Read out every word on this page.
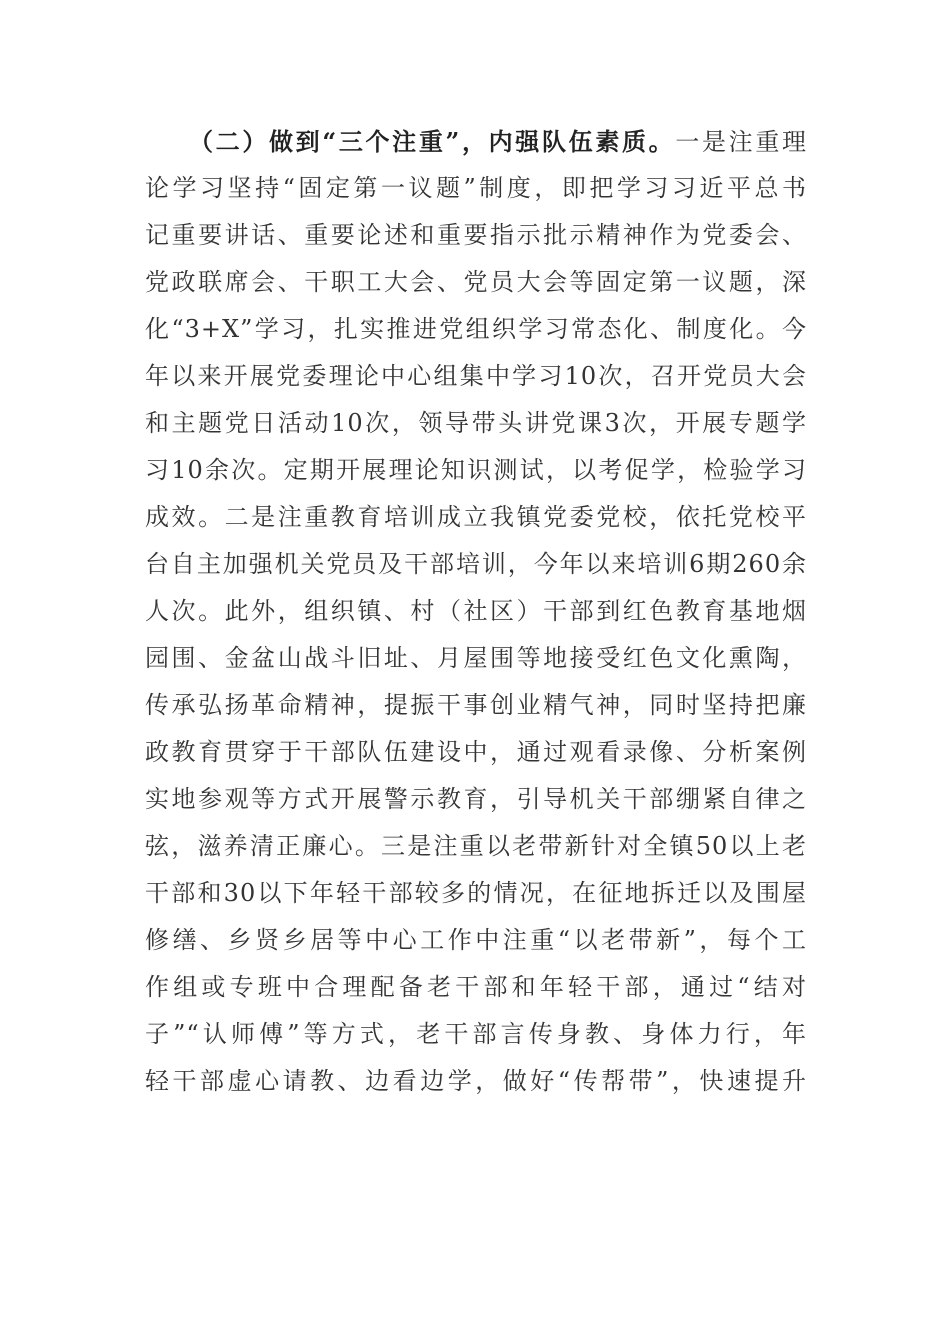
（二）做到“三个注重”，内强队伍素质。一是注重理
论学习坚持“固定第一议题”制度，即把学习习近平总书
记重要讲话、重要论述和重要指示批示精神作为党委会、
党政联席会、干职工大会、党员大会等固定第一议题，深
化“3+X”学习，扎实推进党组织学习常态化、制度化。今
年以来开展党委理论中心组集中学习10次，召开党员大会
和主题党日活动10次，领导带头讲党课3次，开展专题学
习10余次。定期开展理论知识测试，以考促学，检验学习
成效。二是注重教育培训成立我镇党委党校，依托党校平
台自主加强机关党员及干部培训，今年以来培训6期260余
人次。此外，组织镇、村（社区）干部到红色教育基地烟
园围、金盆山战斗旧址、月屋围等地接受红色文化熏陶，
传承弘扬革命精神，提振干事创业精气神，同时坚持把廉
政教育贯穿于干部队伍建设中，通过观看录像、分析案例
实地参观等方式开展警示教育，引导机关干部绷紧自律之
弦，滋养清正廉心。三是注重以老带新针对全镇50以上老
干部和30以下年轻干部较多的情况，在征地拆迁以及围屋
修缮、乡贤乡居等中心工作中注重“以老带新”，每个工
作组或专班中合理配备老干部和年轻干部，通过“结对
子”“认师傅”等方式，老干部言传身教、身体力行，年
轻干部虚心请教、边看边学，做好“传帮带”，快速提升
